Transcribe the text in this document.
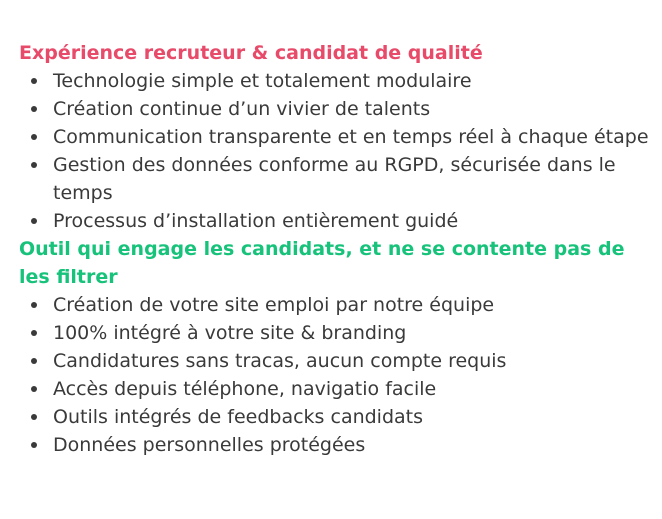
Expérience recruteur & candidat de qualité
Technologie simple et totalement modulaire
Création continue d’un vivier de talents
Communication transparente et en temps réel à chaque étape
Gestion des données conforme au RGPD, sécurisée dans le temps
Processus d’installation entièrement guidé
Outil qui engage les candidats, et ne se contente pas de les filtrer
Création de votre site emploi par notre équipe
100% intégré à votre site & branding
Candidatures sans tracas, aucun compte requis
Accès depuis téléphone, navigatio facile
Outils intégrés de feedbacks candidats
Données personnelles protégées
